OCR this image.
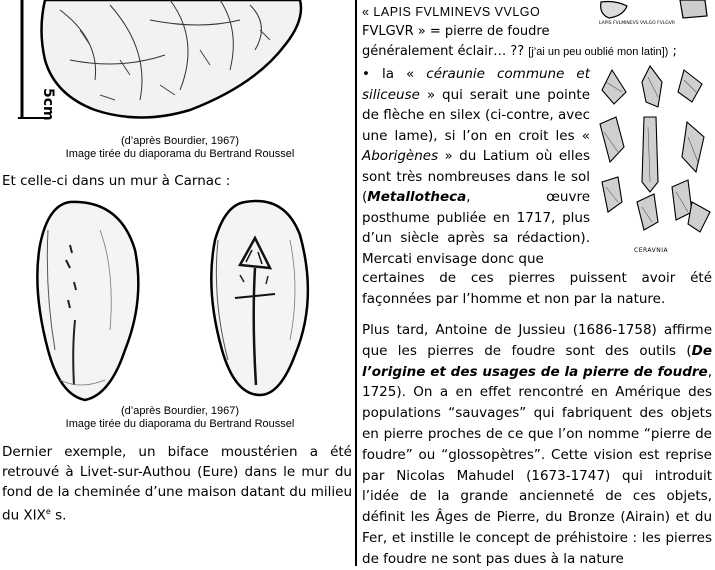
5cm
(d’après Bourdier, 1967)
Image tirée du diaporama du Bertrand Roussel
Et celle-ci dans un mur à Carnac :
(d’après Bourdier, 1967)
Image tirée du diaporama du Bertrand Roussel
Dernier exemple, un biface moustérien a été retrouvé à Livet-sur-Authou (Eure) dans le mur du fond de la cheminée d’une maison datant du milieu du XIXe s.
« LAPIS FVLMINEVS VVLGO
LAPIS FVLMINEVS VVLGO FVLGVR
FVLGVR » = pierre de foudre
généralement éclair… ?? [j’ai un peu oublié mon latin]) ;
• la « céraunie commune et siliceuse » qui serait une pointe de flèche en silex (ci-contre, avec une lame), si l’on en croit les « Aborigènes » du Latium où elles sont très nombreuses dans le sol (Metallotheca, œuvre posthume publiée en 1717, plus d’un siècle après sa rédaction). Mercati envisage donc que	CERAVNIA
certaines de ces pierres puissent avoir été façonnées par l’homme et non par la nature.
Plus tard, Antoine de Jussieu (1686-1758) affirme que les pierres de foudre sont des outils (De l’origine et des usages de la pierre de foudre, 1725). On a en effet rencontré en Amérique des populations “sauvages” qui fabriquent des objets en pierre proches de ce que l’on nomme “pierre de foudre” ou “glossopètres”. Cette vision est reprise par Nicolas Mahudel (1673-1747) qui introduit l’idée de la grande ancienneté de ces objets, définit les Âges de Pierre, du Bronze (Airain) et du Fer, et instille le concept de préhistoire : les pierres de foudre ne sont pas dues à la nature
